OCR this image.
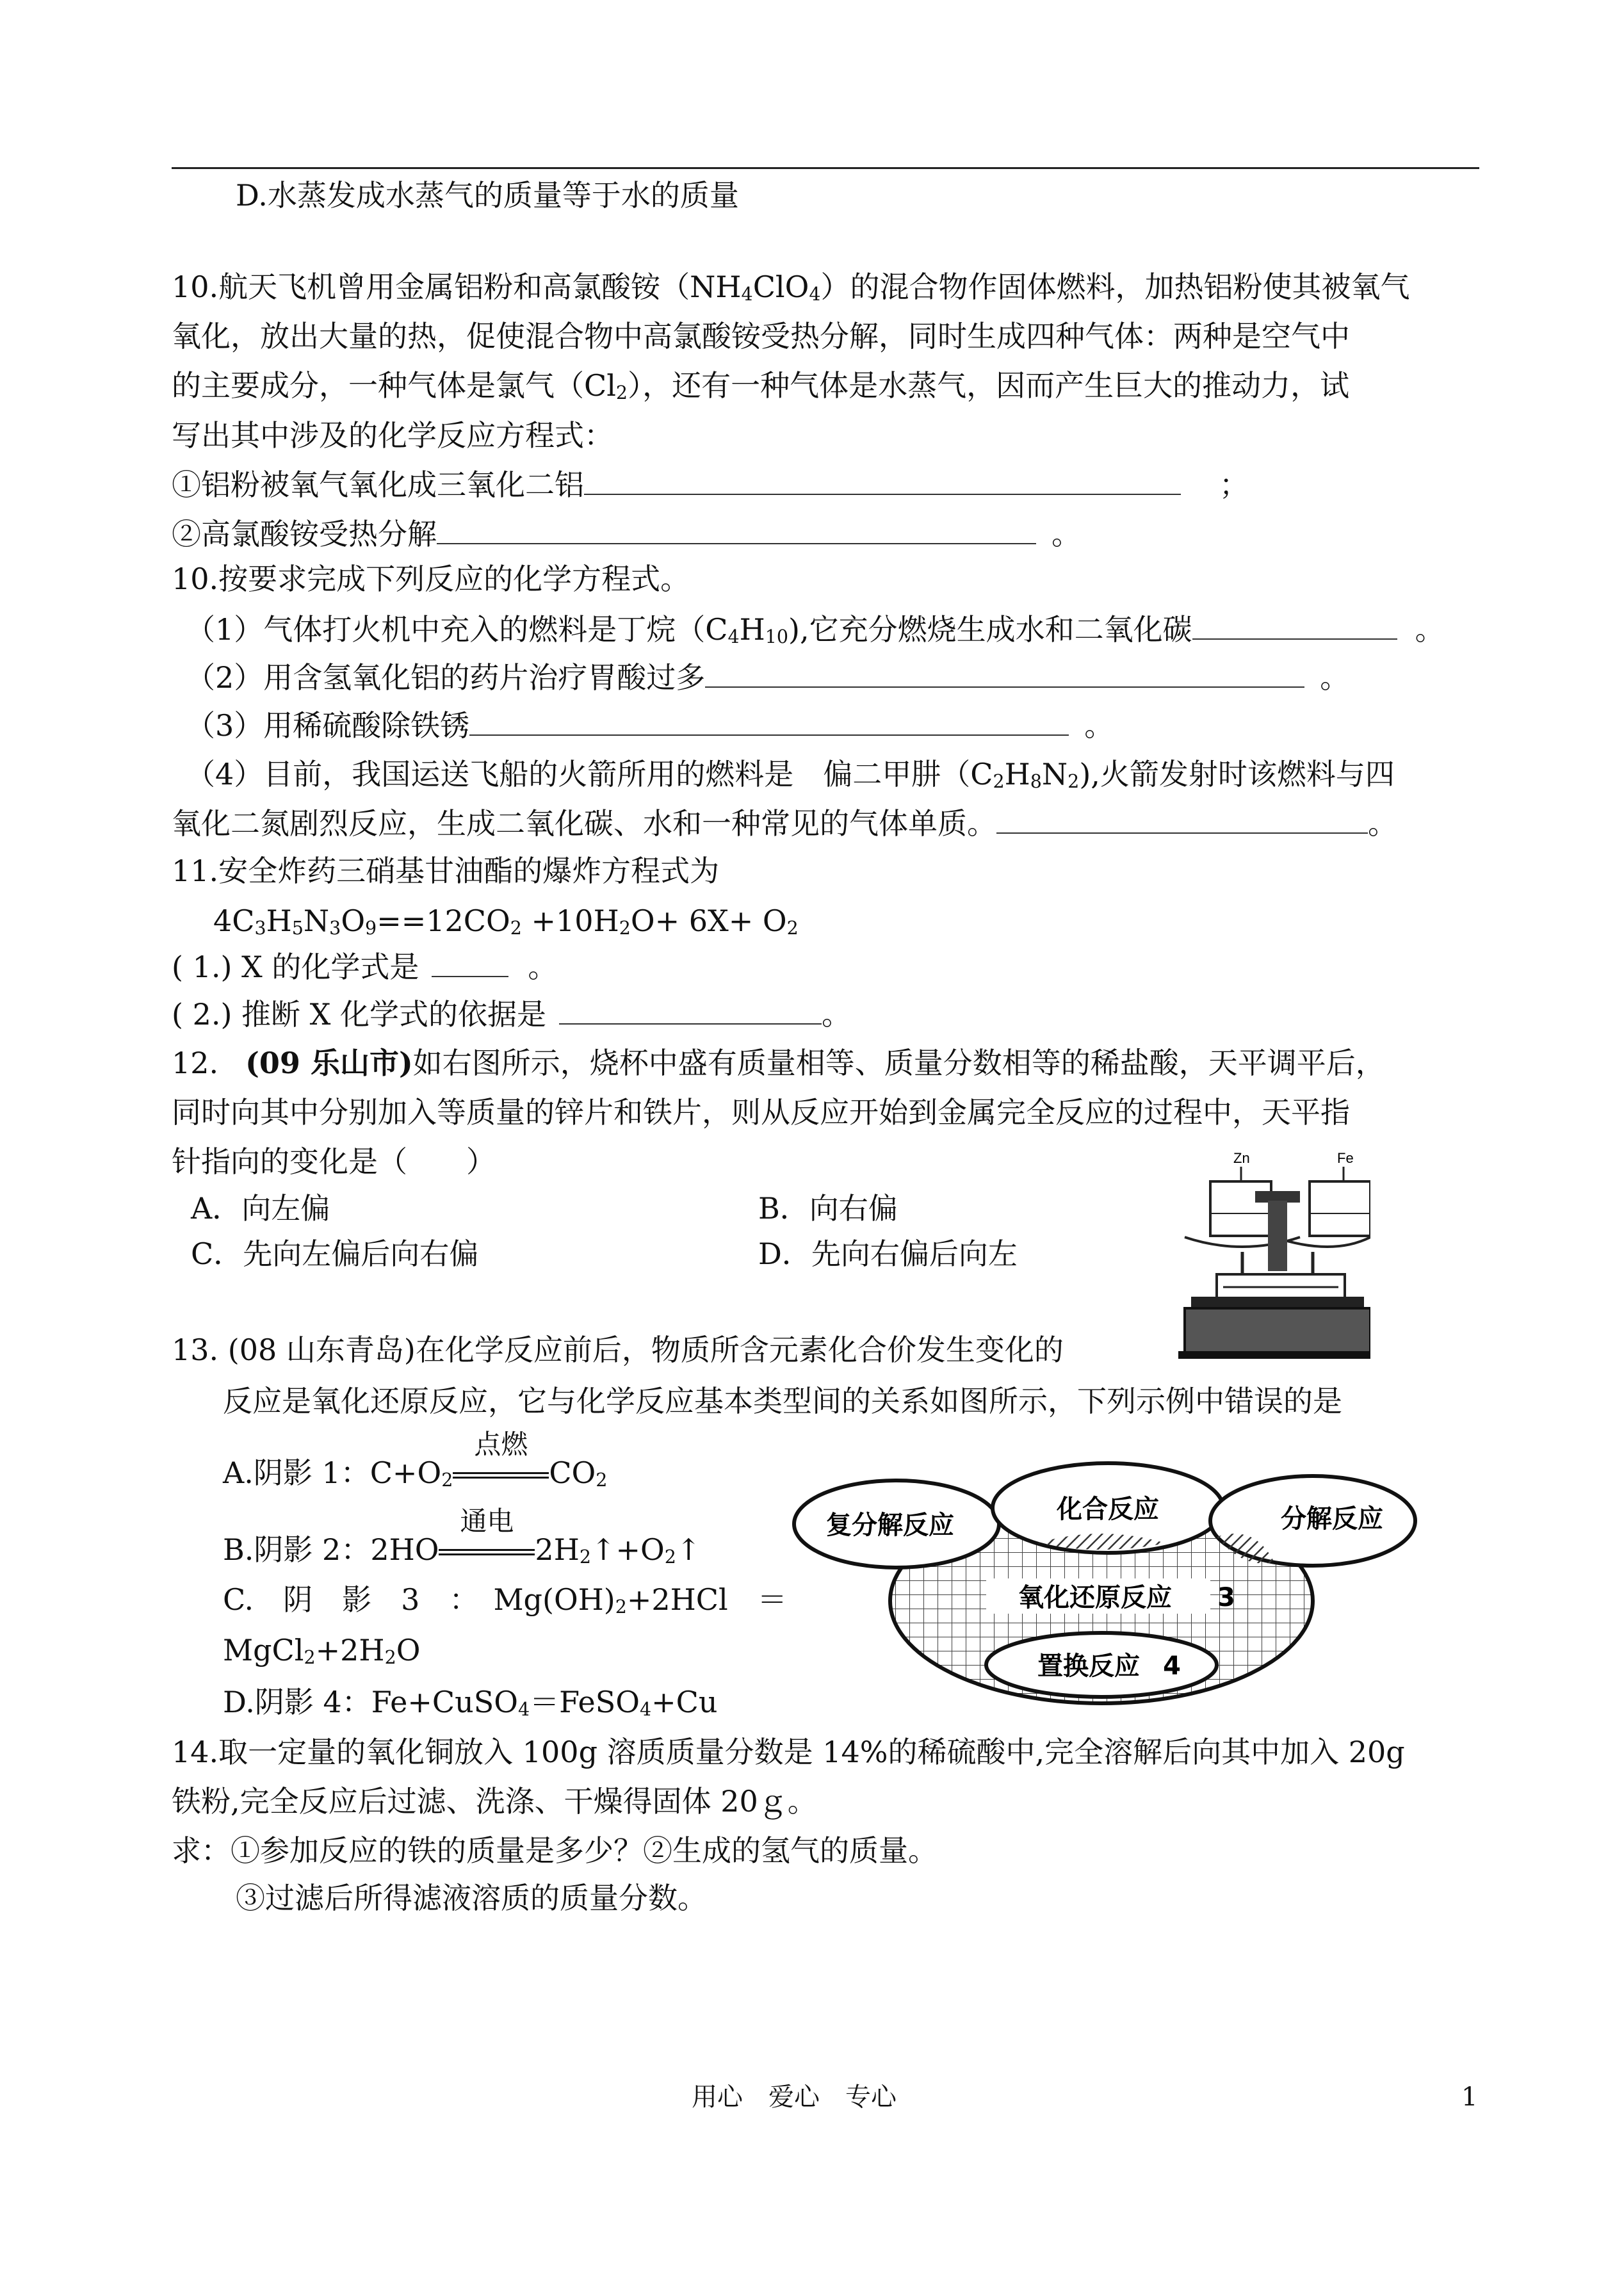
D.水蒸发成水蒸气的质量等于水的质量
10.航天飞机曾用金属铝粉和高氯酸铵$(NH_4ClO_4)$的混合物作固体燃料，加热铝粉使其被氧气
氧化，放出大量的热，促使混合物中高氯酸铵受热分解，同时生成四种气体：两种是空气中
的主要成分，一种气体是氯气$(Cl_2)$，还有一种气体是水蒸气，因而产生巨大的推动力，试
写出其中涉及的化学反应方程式：
①铝粉被氧气氧化成三氧化二铝	；
②高氯酸铵受热分解	。
10.按要求完成下列反应的化学方程式。
（1）气体打火机中充入的燃料是丁烷$(C_4H_{10})$,它充分燃烧生成水和二氧化碳	。
（2）用含氢氧化铝的药片治疗胃酸过多	。
（3）用稀硫酸除铁锈	。
（4）目前，我国运送飞船的火箭所用的燃料是　偏二甲肼$(C_2H_8N_2)$,火箭发射时该燃料与四
氧化二氮剧烈反应，生成二氧化碳、水和一种常见的气体单质。	。
11.安全炸药三硝基甘油酯的爆炸方程式为
$4C_3H_5N_3O_9==12CO_2 +10H_2O+ 6X+ O_2$
( 1.) X 的化学式是	。
( 2.) 推断 X 化学式的依据是	。
12. (09 乐山市)如右图所示，烧杯中盛有质量相等、质量分数相等的稀盐酸，天平调平后，
同时向其中分别加入等质量的锌片和铁片，则从反应开始到金属完全反应的过程中，天平指
针指向的变化是（　　）
A．向左偏	B．向右偏
C．先向左偏后向右偏	D．先向右偏后向左
Zn	Fe
13. (08 山东青岛)在化学反应前后，物质所含元素化合价发生变化的
反应是氧化还原反应，它与化学反应基本类型间的关系如图所示，下列示例中错误的是
A.阴影 1：$C+O_2$
点燃
$CO_2$
B.阴影 2：2HO
通电
$2H_2↑+O_2↑$
C.　阴　影　3　：　$Mg(OH)_2+2HCl$　＝
$MgCl_2+2H_2O$
D.阴影 4：Fe+CuSO$_4$＝FeSO$_4$+Cu
化合反应
复分解反应	分解反应
氧化还原反应 3
置换反应 4
14.取一定量的氧化铜放入 100g 溶质质量分数是 14%的稀硫酸中,完全溶解后向其中加入 20g
铁粉,完全反应后过滤、洗涤、干燥得固体 20ｇ。
求：①参加反应的铁的质量是多少？②生成的氢气的质量。
③过滤后所得滤液溶质的质量分数。
用心　爱心　专心	1
